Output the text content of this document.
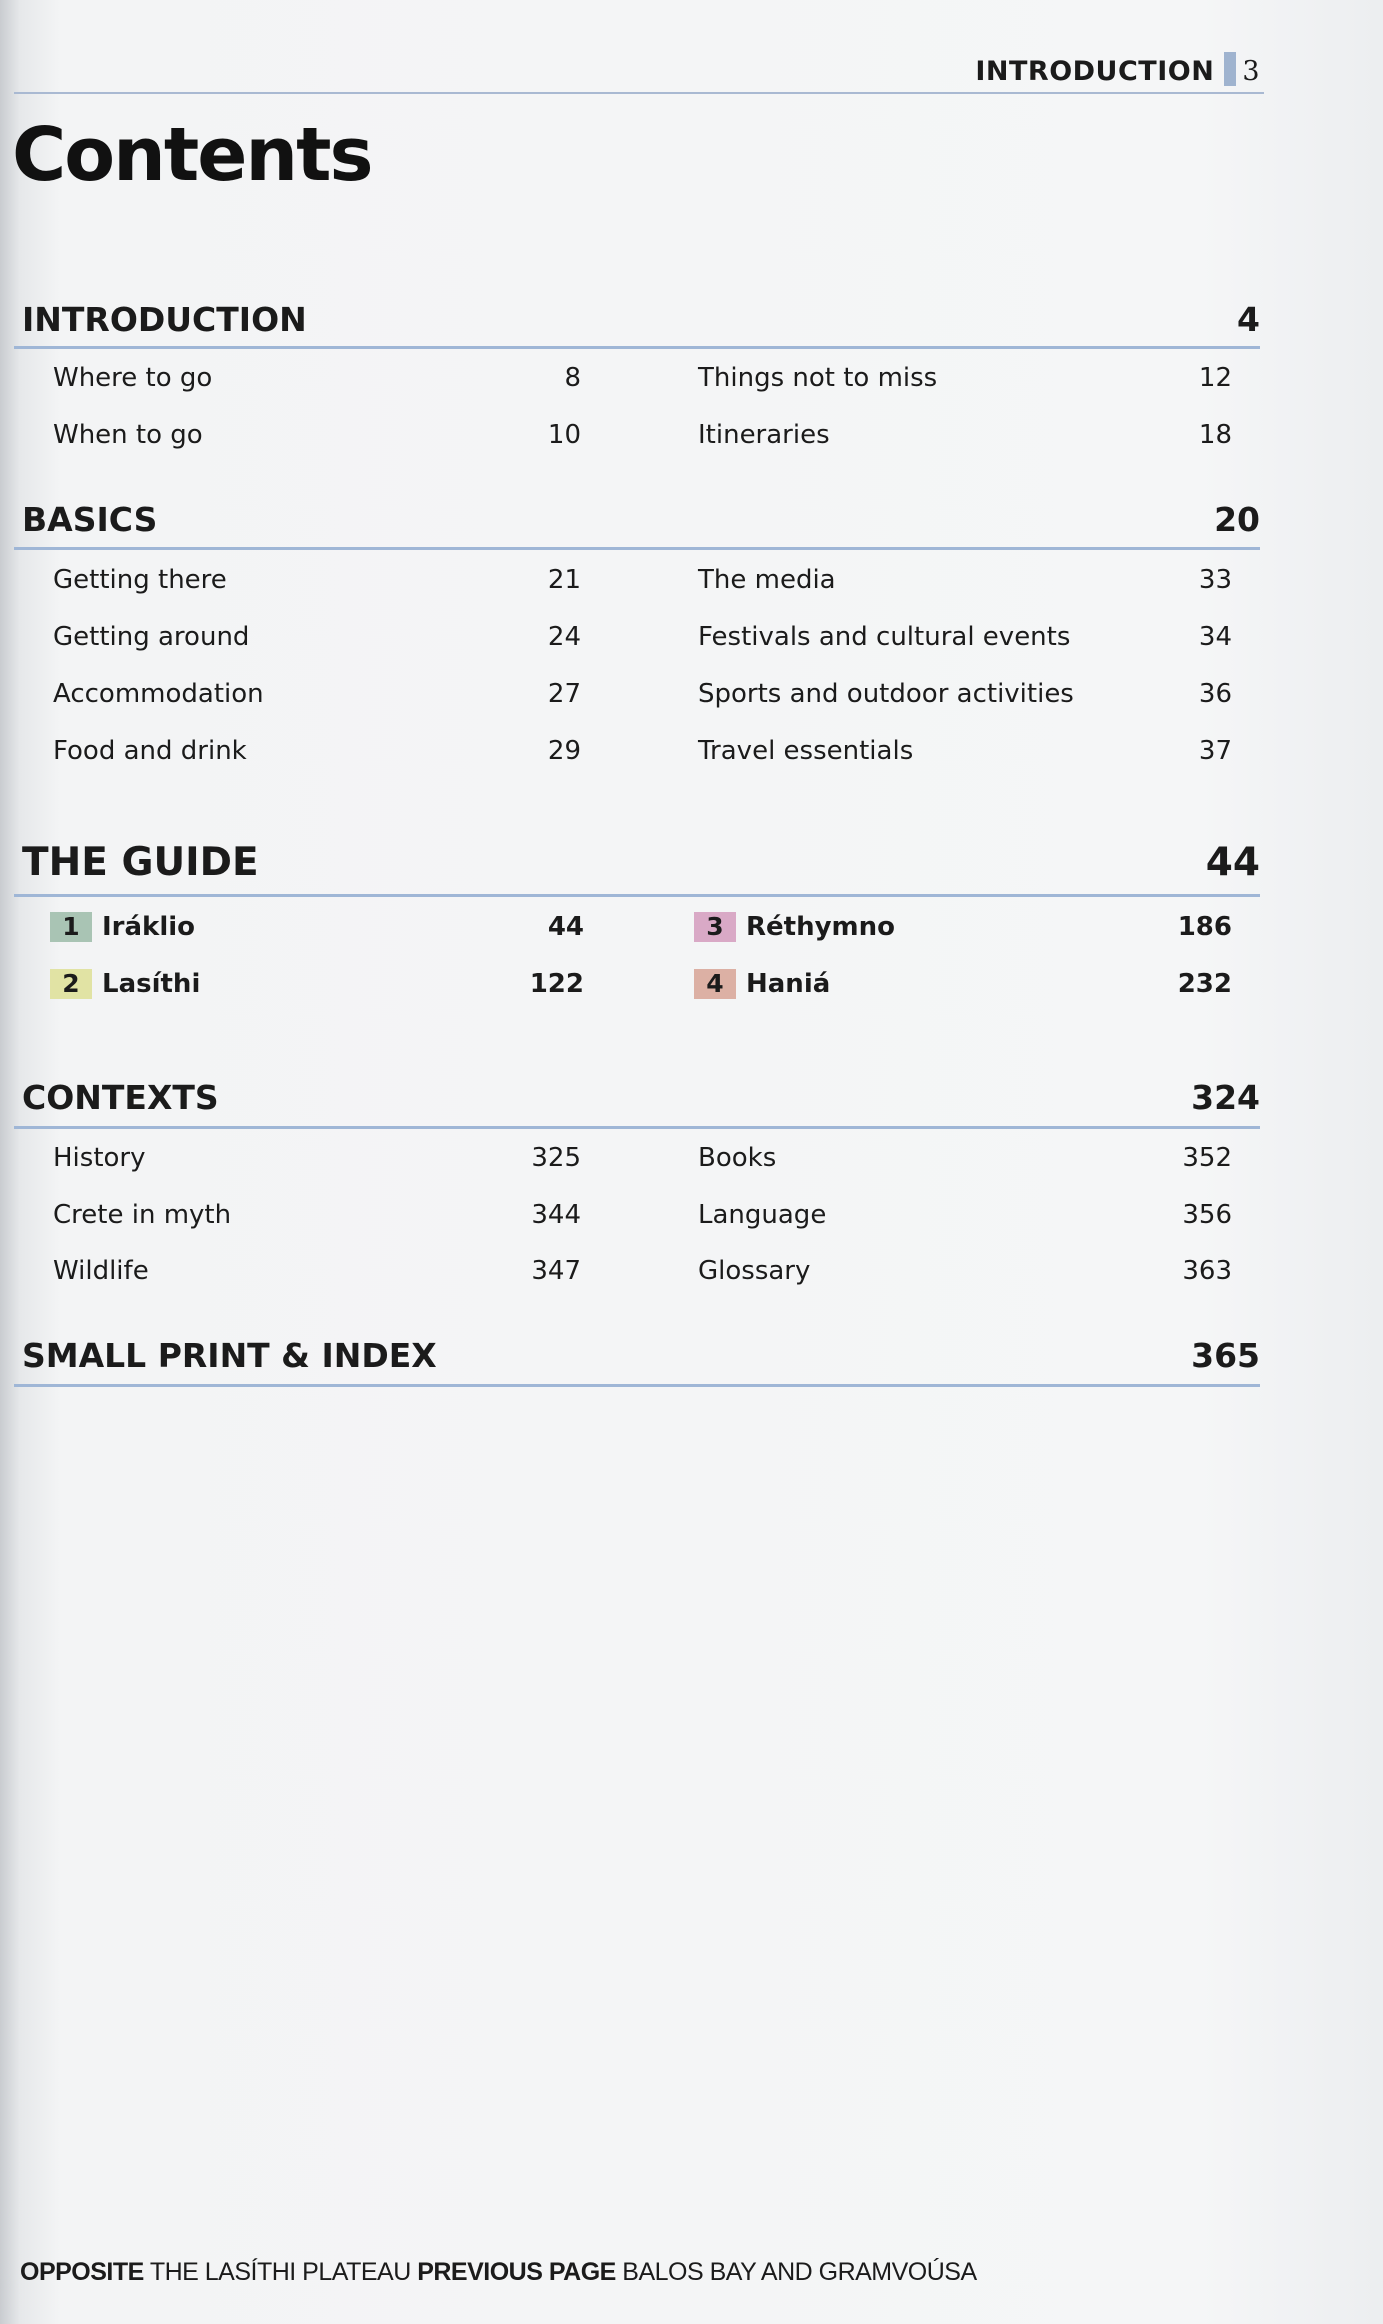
INTRODUCTION 3
Contents
INTRODUCTION	4
Where to go	8
When to go	10
Things not to miss	12
Itineraries	18
BASICS	20
Getting there	21
Getting around	24
Accommodation	27
Food and drink	29
The media	33
Festivals and cultural events	34
Sports and outdoor activities	36
Travel essentials	37
THE GUIDE	44
1 Iráklio	44
2 Lasíthi	122
3 Réthymno	186
4 Haniá	232
CONTEXTS	324
History	325
Crete in myth	344
Wildlife	347
Books	352
Language	356
Glossary	363
SMALL PRINT & INDEX	365
OPPOSITE THE LASÍTHI PLATEAU PREVIOUS PAGE BALOS BAY AND GRAMVOÚSA
